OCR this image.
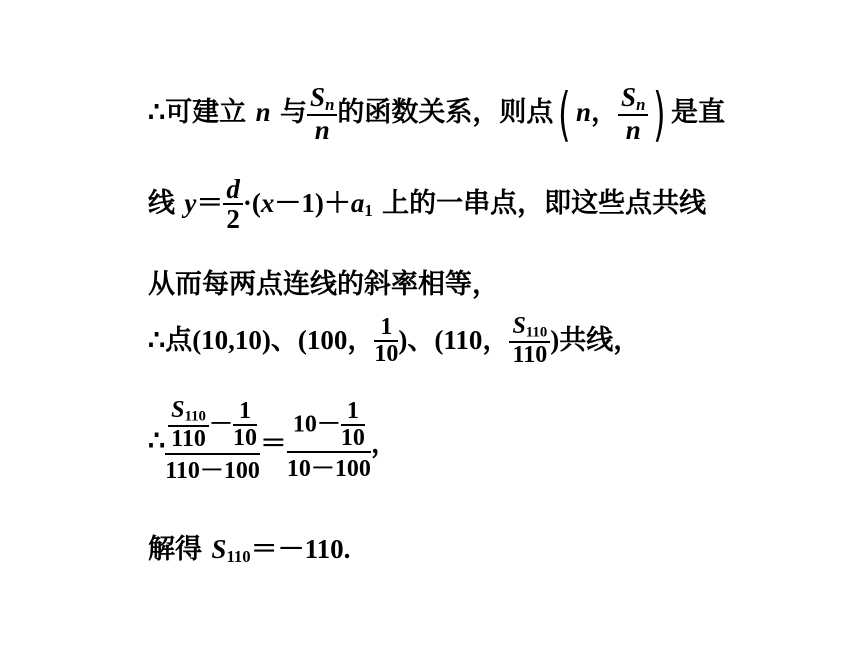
∴可建立 n 与 $\frac{S_n}{n}$ 的函数关系，则点( n， $\frac{S_n}{n}$ ) 是直
线 $y= \frac{d}{2} \cdot(x-1)+a_1$ 上的一串点，即这些点共线
从而每两点连线的斜率相等，
∴点(10,10)、(100， $\frac{1}{10}$ )、(110， $\frac{S_{110}}{110}$ )共线，
∴ $\frac{\frac{S_{110}}{110} - \frac{1}{10}}{110-100} = \frac{10- \frac{1}{10}}{10-100}$ ，
解得 $S_{110}=-110$.
